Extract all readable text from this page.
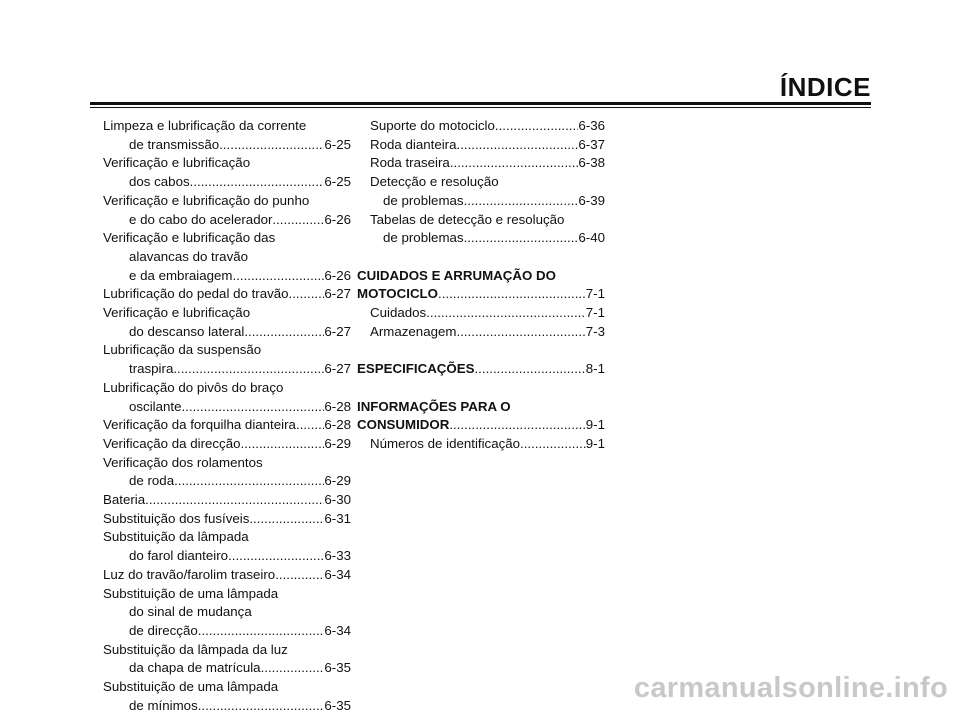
ÍNDICE
Limpeza e lubrificação da corrente
de transmissão .....	6-25
Verificação e lubrificação
dos cabos .....	6-25
Verificação e lubrificação do punho
e do cabo do acelerador .....	6-26
Verificação e lubrificação das
alavancas do travão
e da embraiagem .....	6-26
Lubrificação do pedal do travão .....	6-27
Verificação e lubrificação
do descanso lateral .....	6-27
Lubrificação da suspensão
traspira .....	6-27
Lubrificação do pivôs do braço
oscilante .....	6-28
Verificação da forquilha dianteira ..... 6-28
Verificação da direcção .....	6-29
Verificação dos rolamentos
de roda .....	6-29
Bateria .....	6-30
Substituição dos fusíveis .....	6-31
Substituição da lâmpada
do farol dianteiro .....	6-33
Luz do travão/farolim traseiro .....	6-34
Substituição de uma lâmpada
do sinal de mudança
de direcção .....	6-34
Substituição da lâmpada da luz
da chapa de matrícula .....	6-35
Substituição de uma lâmpada
de mínimos .....	6-35
Suporte do motociclo .....	6-36
Roda dianteira .....	6-37
Roda traseira .....	6-38
Detecção e resolução
de problemas .....	6-39
Tabelas de detecção e resolução
de problemas .....	6-40
CUIDADOS E ARRUMAÇÃO DO
MOTOCICLO .....	7-1
Cuidados .....	7-1
Armazenagem .....	7-3
ESPECIFICAÇÕES .....	8-1
INFORMAÇÕES PARA O
CONSUMIDOR .....	9-1
Números de identificação .....	9-1
carmanualsonline.info
